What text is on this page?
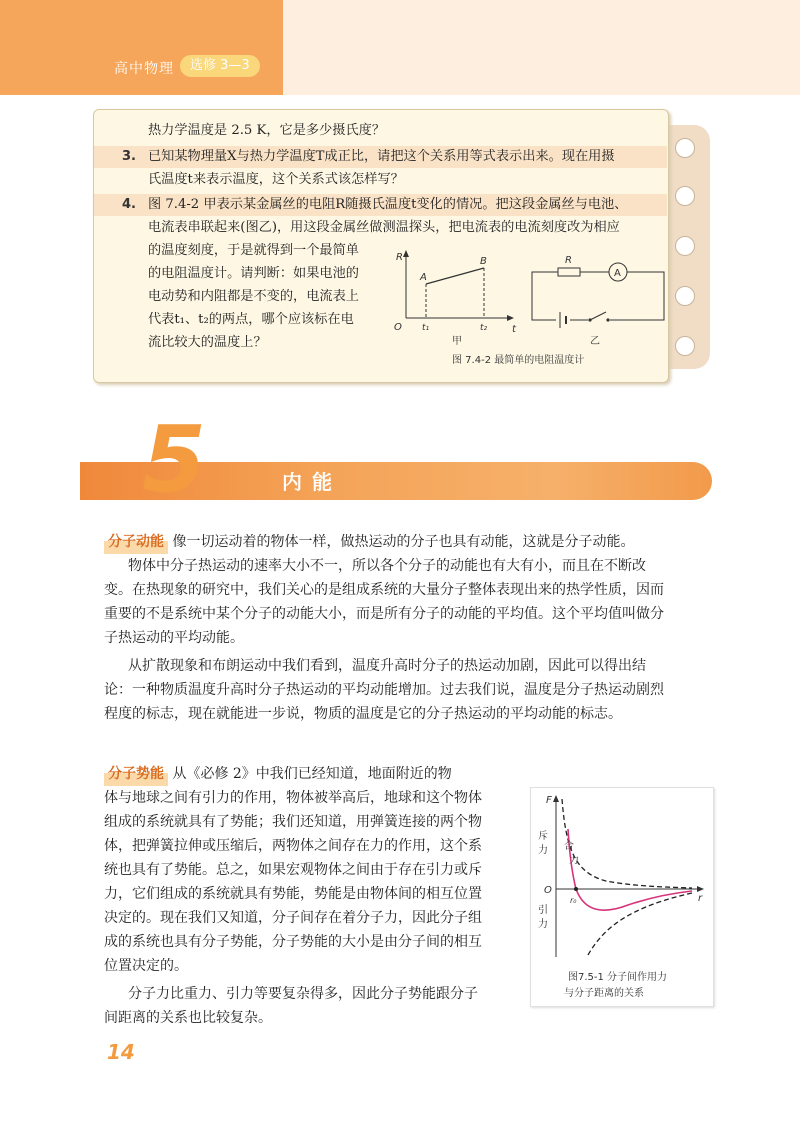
高中物理	选修 3—3
热力学温度是 2.5 K，它是多少摄氏度？
3. 已知某物理量X与热力学温度T成正比，请把这个关系用等式表示出来。现在用摄
氏温度t来表示温度，这个关系式该怎样写？
4. 图 7.4-2 甲表示某金属丝的电阻R随摄氏温度t变化的情况。把这段金属丝与电池、
电流表串联起来(图乙)，用这段金属丝做测温探头，把电流表的电流刻度改为相应
的温度刻度，于是就得到一个最简单
的电阻温度计。请判断：如果电池的
电动势和内阻都是不变的，电流表上
代表t₁、t₂的两点，哪个应该标在电
流比较大的温度上？
R
t
O
A
B
t₁	t₂
甲
A
R
乙
图 7.4-2 最简单的电阻温度计
5	内能
分子动能 像一切运动着的物体一样，做热运动的分子也具有动能，这就是分子动能。
物体中分子热运动的速率大小不一，所以各个分子的动能也有大有小，而且在不断改
变。在热现象的研究中，我们关心的是组成系统的大量分子整体表现出来的热学性质，因而
重要的不是系统中某个分子的动能大小，而是所有分子的动能的平均值。这个平均值叫做分
子热运动的平均动能。
从扩散现象和布朗运动中我们看到，温度升高时分子的热运动加剧，因此可以得出结
论：一种物质温度升高时分子热运动的平均动能增加。过去我们说，温度是分子热运动剧烈
程度的标志，现在就能进一步说，物质的温度是它的分子热运动的平均动能的标志。
分子势能 从《必修 2》中我们已经知道，地面附近的物
体与地球之间有引力的作用，物体被举高后，地球和这个物体
组成的系统就具有了势能；我们还知道，用弹簧连接的两个物
体，把弹簧拉伸或压缩后，两物体之间存在力的作用，这个系
统也具有了势能。总之，如果宏观物体之间由于存在引力或斥
力，它们组成的系统就具有势能，势能是由物体间的相互位置
决定的。现在我们又知道，分子间存在着分子力，因此分子组
成的系统也具有分子势能，分子势能的大小是由分子间的相互
位置决定的。
分子力比重力、引力等要复杂得多，因此分子势能跟分子
间距离的关系也比较复杂。
F
r
O
r₀
斥
力
引
力
合
力
图7.5-1 分子间作用力
与分子距离的关系
14
